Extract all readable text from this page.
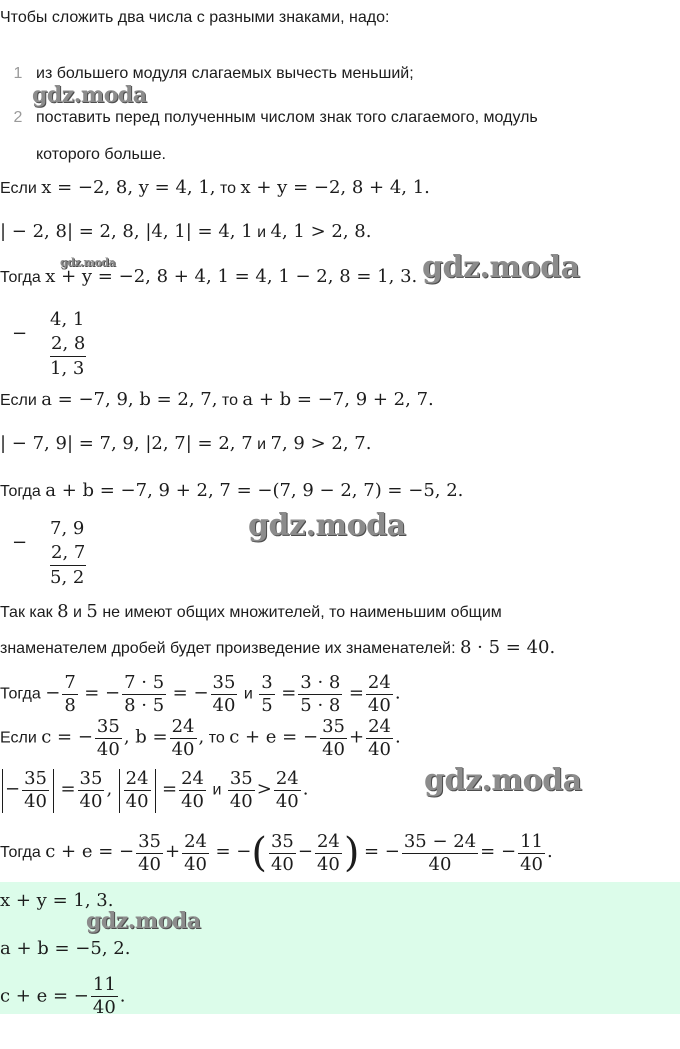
Чтобы сложить два числа с разными знаками, надо:
1 из большего модуля слагаемых вычесть меньший;
2 поставить перед полученным числом знак того слагаемого, модуль
которого больше.
Если x = −2, 8, y = 4, 1, то x + y = −2, 8 + 4, 1.
| − 2, 8| = 2, 8, |4, 1| = 4, 1 и 4, 1 > 2, 8.
Тогда x + y = −2, 8 + 4, 1 = 4, 1 − 2, 8 = 1, 3.
−
4, 1
2, 8
1, 3
Если a = −7, 9, b = 2, 7, то a + b = −7, 9 + 2, 7.
| − 7, 9| = 7, 9, |2, 7| = 2, 7 и 7, 9 > 2, 7.
Тогда a + b = −7, 9 + 2, 7 = −(7, 9 − 2, 7) = −5, 2.
−
7, 9
2, 7
5, 2
Так как 8 и 5 не имеют общих множителей, то наименьшим общим
знаменателем дробей будет произведение их знаменателей: 8 · 5 = 40.
Тогда − $\frac{7}{8}$ = − $\frac{7 \cdot 5}{8 \cdot 5}$ = − $\frac{35}{40}$ и $\frac{3}{5} = \frac{3 \cdot 8}{5 \cdot 8} = \frac{24}{40}$ .
Если c = − $\frac{35}{40}$ , $b = \frac{24}{40}$ , то c + e = − $\frac{35}{40} + \frac{24}{40}$ .
− $\frac{35}{40} = \frac{35}{40}$ , $\frac{24}{40} = \frac{24}{40}$ и $\frac{35}{40} > \frac{24}{40}$ .
Тогда c + e = − $\frac{35}{40} + \frac{24}{40}$ = −( $\frac{35}{40} - \frac{24}{40}$ ) = − $\frac{35 - 24}{40}$ = − $\frac{11}{40}$ .
x + y = 1, 3.
a + b = −5, 2.
c + e = − $\frac{11}{40}$ .
gdz.moda
gdz.moda	gdz.moda
gdz.moda
gdz.moda
gdz.moda
